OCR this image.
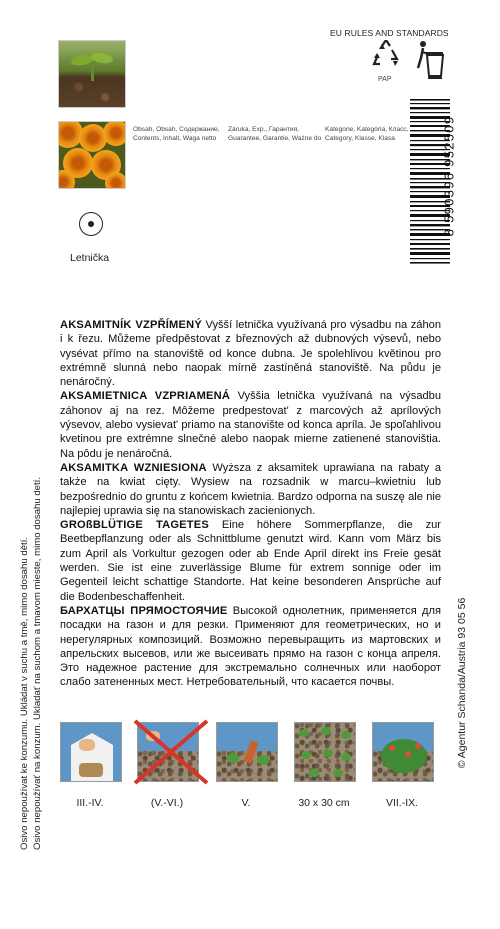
Osivo nepoužívat ke konzumu. Ukládat v suchu a tmě, mimo dosahu dětí. Osivo nepoužívať na konzum. Ukladať na suchom a tmavom mieste, mimo dosahu detí.
Obsah, Obsah, Содержание,
Contents, Inhalt, Waga netto
Záruka, Exp., Гарантия,
Guarantee, Garantie, Ważne do
Kategorie, Kategória, Класс,
Category, Klasse, Klasa
Letnička
EU RULES AND STANDARDS
PAP
8 590396 952509
© Agentur Schanda/Austria 93 05 56

AKSAMITNÍK VZPŘÍMENÝ Vyšší letnička využívaná pro výsadbu na záhon i k řezu. Můžeme předpěstovat z březnových až dubnových výsevů, nebo vysévat přímo na stanoviště od konce dubna. Je spolehlivou květinou pro extrémně slunná nebo naopak mírně zastíněná stanoviště. Na půdu je nenáročný.

AKSAMIETNICA VZPRIAMENÁ Vyššia letnička využívaná na výsadbu záhonov aj na rez. Môžeme predpestovat' z marcových až aprílových výsevov, alebo vysievat' priamo na stanovište od konca apríla. Je spoľahlivou kvetinou pre extrémne slnečné alebo naopak mierne zatienené stanovištia. Na pôdu je nenáročná.

AKSAMITKA WZNIESIONA Wyższa z aksamitek uprawiana na rabaty a także na kwiat cięty. Wysiew na rozsadnik w marcu–kwietniu lub bezpośrednio do gruntu z końcem kwietnia. Bardzo odporna na suszę ale nie najlepiej uprawia się na stanowiskach zacienionych.

GROßBLÜTIGE TAGETES Eine höhere Sommerpflanze, die zur Beetbepflanzung oder als Schnittblume genutzt wird. Kann vom März bis zum April als Vorkultur gezogen oder ab Ende April direkt ins Freie gesät werden. Sie ist eine zuverlässige Blume für extrem sonnige oder im Gegenteil leicht schattige Standorte. Hat keine besonderen Ansprüche auf die Bodenbeschaffenheit.

БАРХАТЦЫ ПРЯМОСТОЯЧИЕ Высокой однолетник, применяется для посадки на газон и для резки. Применяют для геометрических, но и нерегулярных композиций. Возможно перевыращить из мартовских и апрельских высевов, или же высеивать прямо на газон с конца апреля. Это надежное растение для экстремально солнечных или наоборот слабо затененных мест. Нетребовательный, что касается почвы.

III.-IV.	(V.-VI.)	V.	30 x 30 cm	VII.-IX.
